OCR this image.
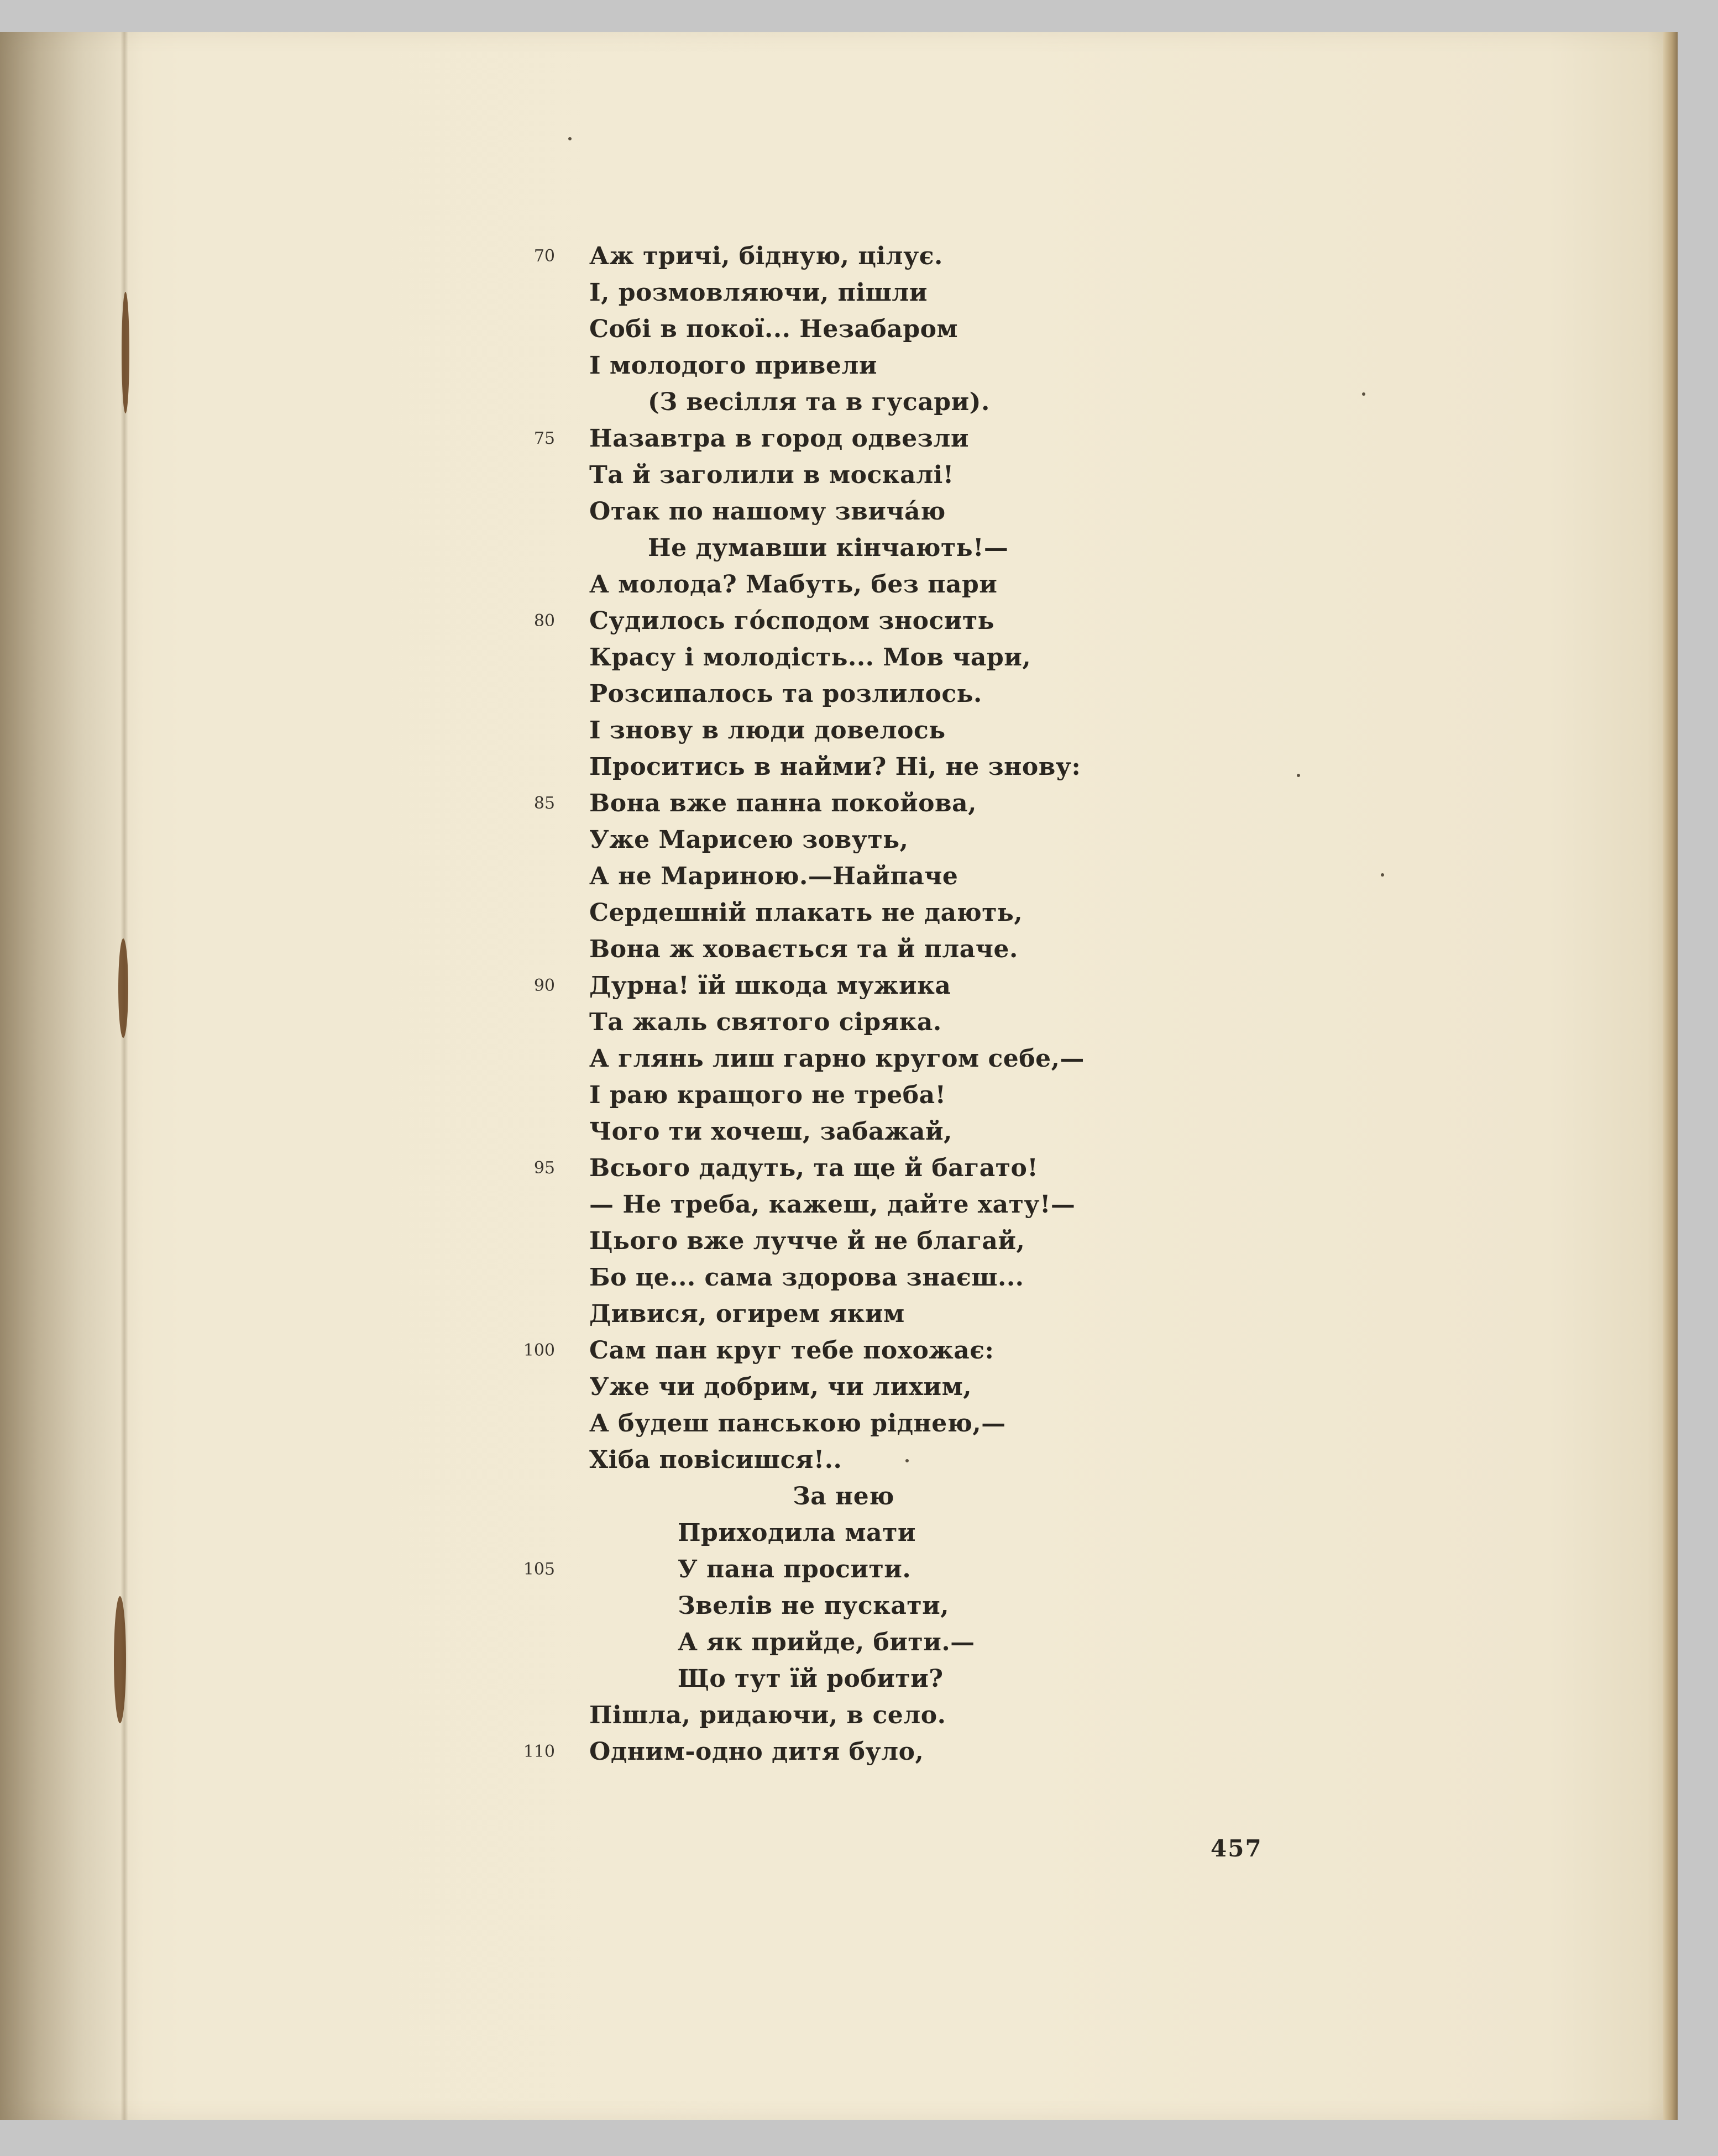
70 Аж тричі, бідную, цілує.
І, розмовляючи, пішли
Собі в покої... Незабаром
І молодого привели
(З весілля та в гусари).
75 Назавтра в город одвезли
Та й заголили в москалі!
Отак по нашому звичáю
Не думавши кінчають!—
А молода? Мабуть, без пари
80 Судилось гóсподом зносить
Красу і молодість... Мов чари,
Розсипалось та розлилось.
І знову в люди довелось
Проситись в найми? Ні, не знову:
85 Вона вже панна покойова,
Уже Марисею зовуть,
А не Мариною.—Найпаче
Сердешній плакать не дають,
Вона ж ховається та й плаче.
90 Дурна! їй шкода мужика
Та жаль святого сіряка.
А глянь лиш гарно кругом себе,—
І раю кращого не треба!
Чого ти хочеш, забажай,
95 Всього дадуть, та ще й багато!
— Не треба, кажеш, дайте хату!—
Цього вже лучче й не благай,
Бо це... сама здорова знаєш...
Дивися, огирем яким
100 Сам пан круг тебе похожає:
Уже чи добрим, чи лихим,
А будеш панською ріднею,—
Хіба повісишся!..
За нею
Приходила мати
105	У пана просити.
Звелів не пускати,
А як прийде, бити.—
Що тут їй робити?
Пішла, ридаючи, в село.
110 Одним-одно дитя було,
457
